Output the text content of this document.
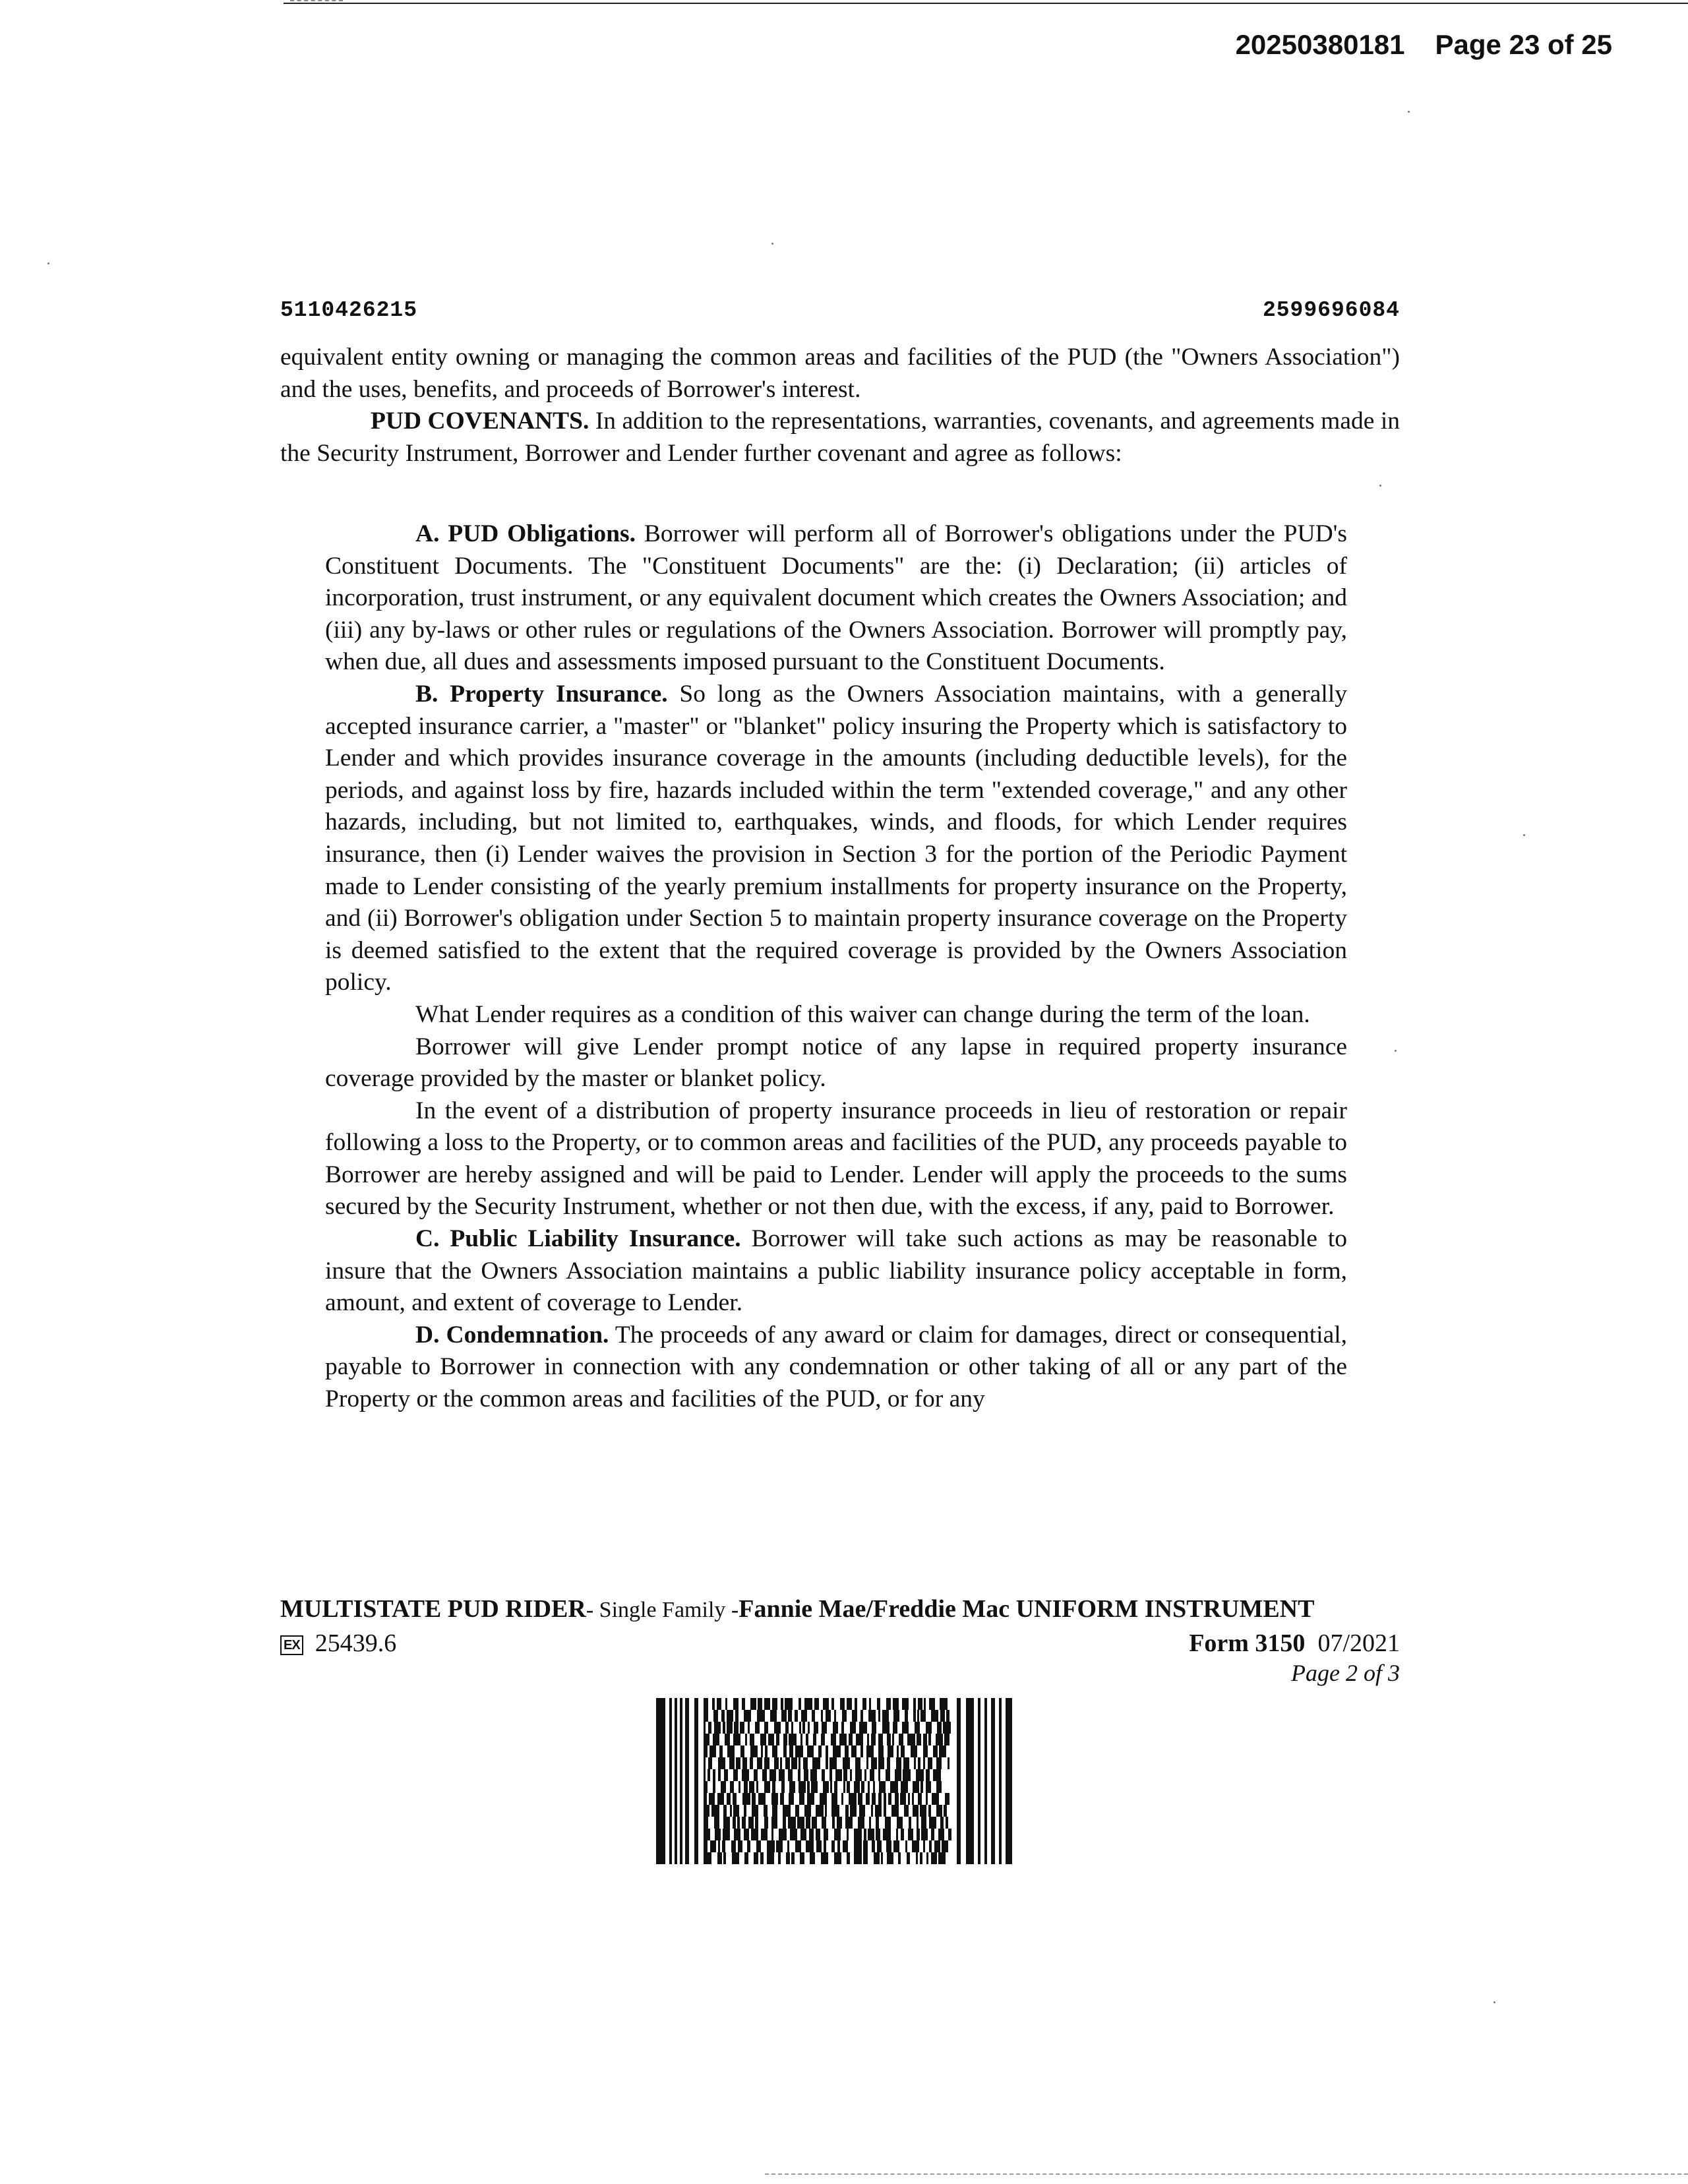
20250380181 Page 23 of 25
5110426215	2599696084

equivalent entity owning or managing the common areas and facilities of the PUD (the "Owners Association") and the uses, benefits, and proceeds of Borrower's interest.

PUD COVENANTS. In addition to the representations, warranties, covenants, and agreements made in the Security Instrument, Borrower and Lender further covenant and agree as follows:

A. PUD Obligations. Borrower will perform all of Borrower's obligations under the PUD's Constituent Documents. The "Constituent Documents" are the: (i) Declaration; (ii) articles of incorporation, trust instrument, or any equivalent document which creates the Owners Association; and (iii) any by-laws or other rules or regulations of the Owners Association. Borrower will promptly pay, when due, all dues and assessments imposed pursuant to the Constituent Documents.

B. Property Insurance. So long as the Owners Association maintains, with a generally accepted insurance carrier, a "master" or "blanket" policy insuring the Property which is satisfactory to Lender and which provides insurance coverage in the amounts (including deductible levels), for the periods, and against loss by fire, hazards included within the term "extended coverage," and any other hazards, including, but not limited to, earthquakes, winds, and floods, for which Lender requires insurance, then (i) Lender waives the provision in Section 3 for the portion of the Periodic Payment made to Lender consisting of the yearly premium installments for property insurance on the Property, and (ii) Borrower's obligation under Section 5 to maintain property insurance coverage on the Property is deemed satisfied to the extent that the required coverage is provided by the Owners Association policy.

What Lender requires as a condition of this waiver can change during the term of the loan.

Borrower will give Lender prompt notice of any lapse in required property insurance coverage provided by the master or blanket policy.

In the event of a distribution of property insurance proceeds in lieu of restoration or repair following a loss to the Property, or to common areas and facilities of the PUD, any proceeds payable to Borrower are hereby assigned and will be paid to Lender. Lender will apply the proceeds to the sums secured by the Security Instrument, whether or not then due, with the excess, if any, paid to Borrower.

C. Public Liability Insurance. Borrower will take such actions as may be reasonable to insure that the Owners Association maintains a public liability insurance policy acceptable in form, amount, and extent of coverage to Lender.

D. Condemnation. The proceeds of any award or claim for damages, direct or consequential, payable to Borrower in connection with any condemnation or other taking of all or any part of the Property or the common areas and facilities of the PUD, or for any

MULTISTATE PUD RIDER- Single Family -Fannie Mae/Freddie Mac UNIFORM INSTRUMENT
EX 25439.6	Form 3150 07/2021
Page 2 of 3
